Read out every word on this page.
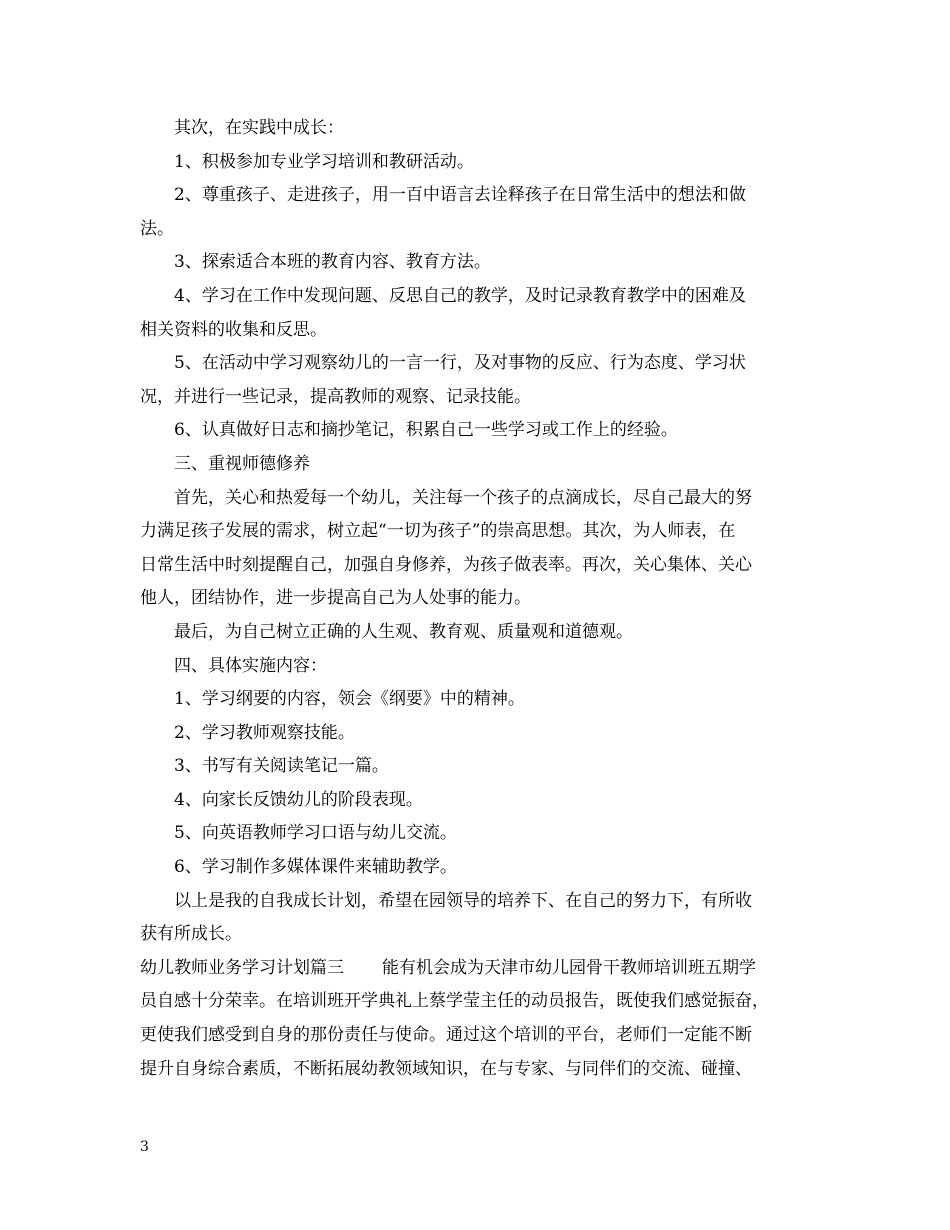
其次，在实践中成长：
1、积极参加专业学习培训和教研活动。
2、尊重孩子、走进孩子，用一百中语言去诠释孩子在日常生活中的想法和做
法。
3、探索适合本班的教育内容、教育方法。
4、学习在工作中发现问题、反思自己的教学，及时记录教育教学中的困难及
相关资料的收集和反思。
5、在活动中学习观察幼儿的一言一行，及对事物的反应、行为态度、学习状
况，并进行一些记录，提高教师的观察、记录技能。
6、认真做好日志和摘抄笔记，积累自己一些学习或工作上的经验。
三、重视师德修养
首先，关心和热爱每一个幼儿，关注每一个孩子的点滴成长，尽自己最大的努
力满足孩子发展的需求，树立起“一切为孩子”的崇高思想。其次，为人师表，在
日常生活中时刻提醒自己，加强自身修养，为孩子做表率。再次，关心集体、关心
他人，团结协作，进一步提高自己为人处事的能力。
最后，为自己树立正确的人生观、教育观、质量观和道德观。
四、具体实施内容：
1、学习纲要的内容，领会《纲要》中的精神。
2、学习教师观察技能。
3、书写有关阅读笔记一篇。
4、向家长反馈幼儿的阶段表现。
5、向英语教师学习口语与幼儿交流。
6、学习制作多媒体课件来辅助教学。
以上是我的自我成长计划，希望在园领导的培养下、在自己的努力下，有所收
获有所成长。
幼儿教师业务学习计划篇三 能有机会成为天津市幼儿园骨干教师培训班五期学
员自感十分荣幸。在培训班开学典礼上蔡学莹主任的动员报告，既使我们感觉振奋，
更使我们感受到自身的那份责任与使命。通过这个培训的平台，老师们一定能不断
提升自身综合素质，不断拓展幼教领域知识，在与专家、与同伴们的交流、碰撞、
3
